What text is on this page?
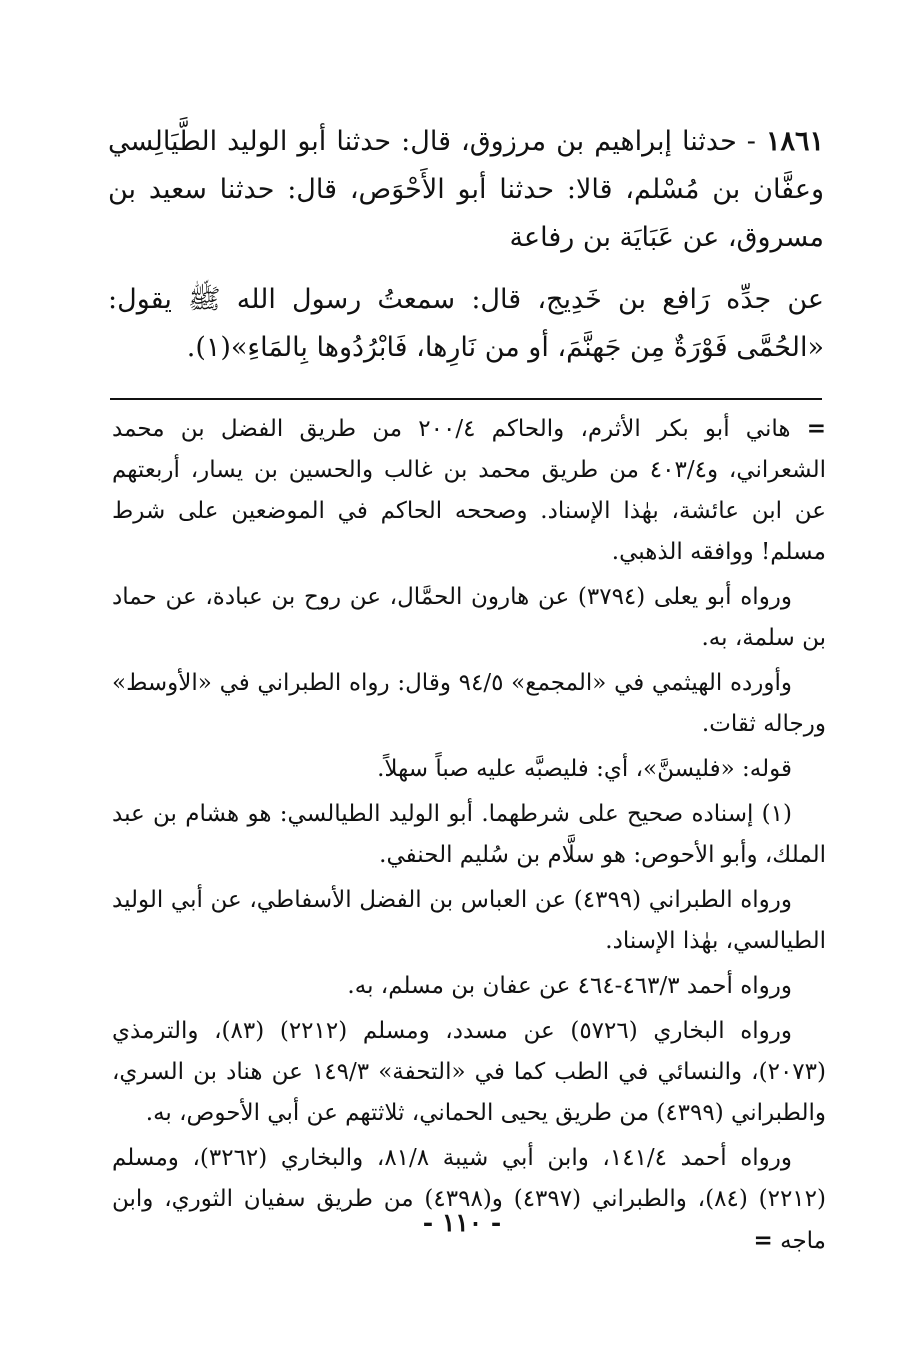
١٨٦١ - حدثنا إبراهيم بن مرزوق، قال: حدثنا أبو الوليد الطَّيَالِسي وعفَّان بن مُسْلم، قالا: حدثنا أبو الأَحْوَص، قال: حدثنا سعيد بن مسروق، عن عَبَايَة بن رفاعة

عن جدِّه رَافع بن خَدِيج، قال: سمعتُ رسول الله ﷺ يقول: «الحُمَّى فَوْرَةٌ مِن جَهنَّمَ، أو من نَارِها، فَابْرُدُوها بِالمَاءِ»(١).

= هاني أبو بكر الأثرم، والحاكم ٢٠٠/٤ من طريق الفضل بن محمد الشعراني، و٤٠٣/٤ من طريق محمد بن غالب والحسين بن يسار، أربعتهم عن ابن عائشة، بهٰذا الإسناد. وصححه الحاكم في الموضعين على شرط مسلم! ووافقه الذهبي.

ورواه أبو يعلى (٣٧٩٤) عن هارون الحمَّال، عن روح بن عبادة، عن حماد بن سلمة، به.

وأورده الهيثمي في «المجمع» ٩٤/٥ وقال: رواه الطبراني في «الأوسط» ورجاله ثقات.

قوله: «فليسنَّ»، أي: فليصبَّه عليه صباً سهلاً.

(١) إسناده صحيح على شرطهما. أبو الوليد الطيالسي: هو هشام بن عبد الملك، وأبو الأحوص: هو سلَّام بن سُليم الحنفي.

ورواه الطبراني (٤٣٩٩) عن العباس بن الفضل الأسفاطي، عن أبي الوليد الطيالسي، بهٰذا الإسناد.

ورواه أحمد ٤٦٣/٣-٤٦٤ عن عفان بن مسلم، به.

ورواه البخاري (٥٧٢٦) عن مسدد، ومسلم (٢٢١٢) (٨٣)، والترمذي (٢٠٧٣)، والنسائي في الطب كما في «التحفة» ١٤٩/٣ عن هناد بن السري، والطبراني (٤٣٩٩) من طريق يحيى الحماني، ثلاثتهم عن أبي الأحوص، به.

ورواه أحمد ١٤١/٤، وابن أبي شيبة ٨١/٨، والبخاري (٣٢٦٢)، ومسلم (٢٢١٢) (٨٤)، والطبراني (٤٣٩٧) و(٤٣٩٨) من طريق سفيان الثوري، وابن ماجه =

- ١١٠ -
